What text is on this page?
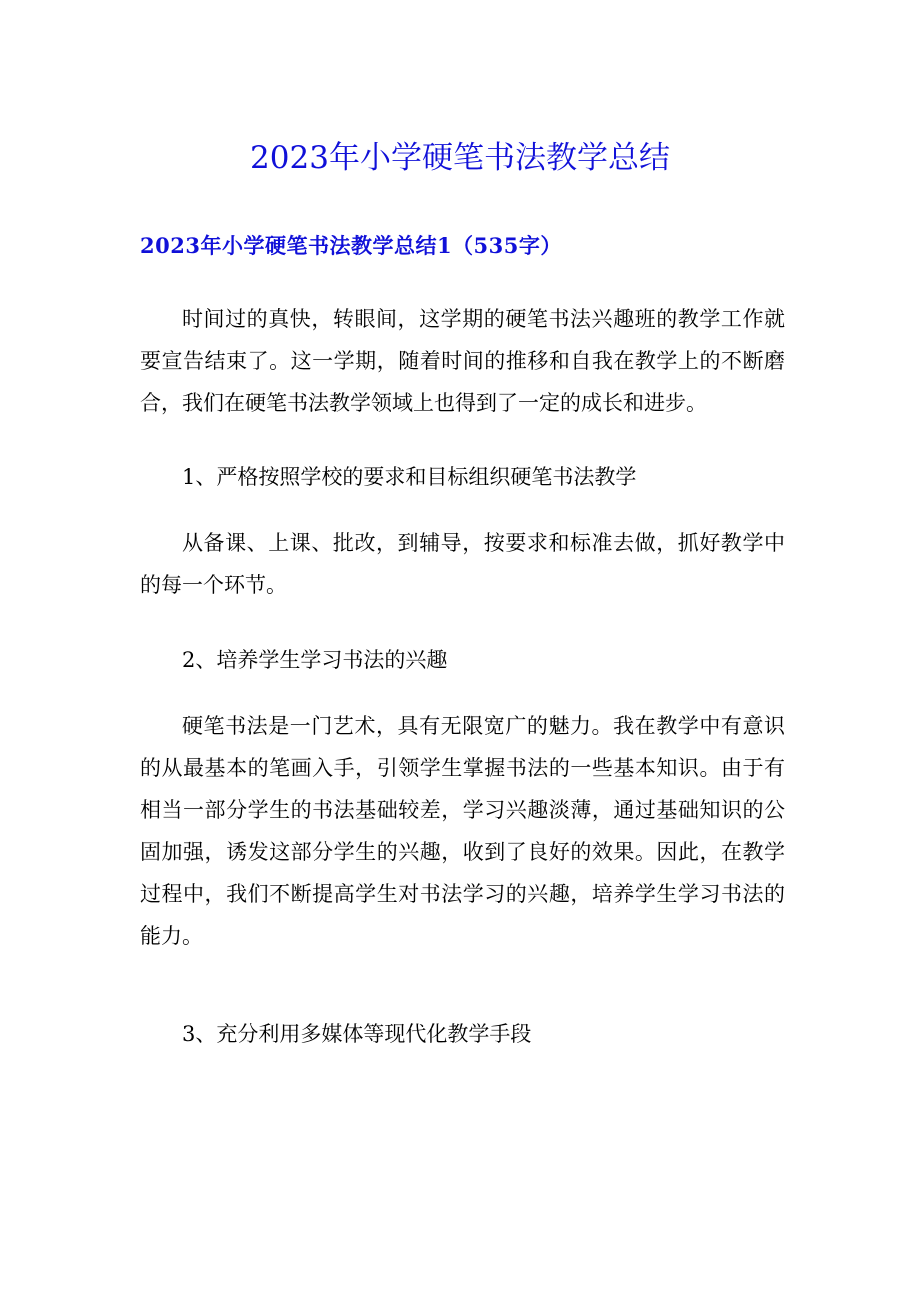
2023年小学硬笔书法教学总结
2023年小学硬笔书法教学总结1（535字）

时间过的真快，转眼间，这学期的硬笔书法兴趣班的教学工作就要宣告结束了。这一学期，随着时间的推移和自我在教学上的不断磨合，我们在硬笔书法教学领域上也得到了一定的成长和进步。

1、严格按照学校的要求和目标组织硬笔书法教学

从备课、上课、批改，到辅导，按要求和标准去做，抓好教学中的每一个环节。

2、培养学生学习书法的兴趣

硬笔书法是一门艺术，具有无限宽广的魅力。我在教学中有意识的从最基本的笔画入手，引领学生掌握书法的一些基本知识。由于有相当一部分学生的书法基础较差，学习兴趣淡薄，通过基础知识的公固加强，诱发这部分学生的兴趣，收到了良好的效果。因此，在教学过程中，我们不断提高学生对书法学习的兴趣，培养学生学习书法的能力。

3、充分利用多媒体等现代化教学手段
